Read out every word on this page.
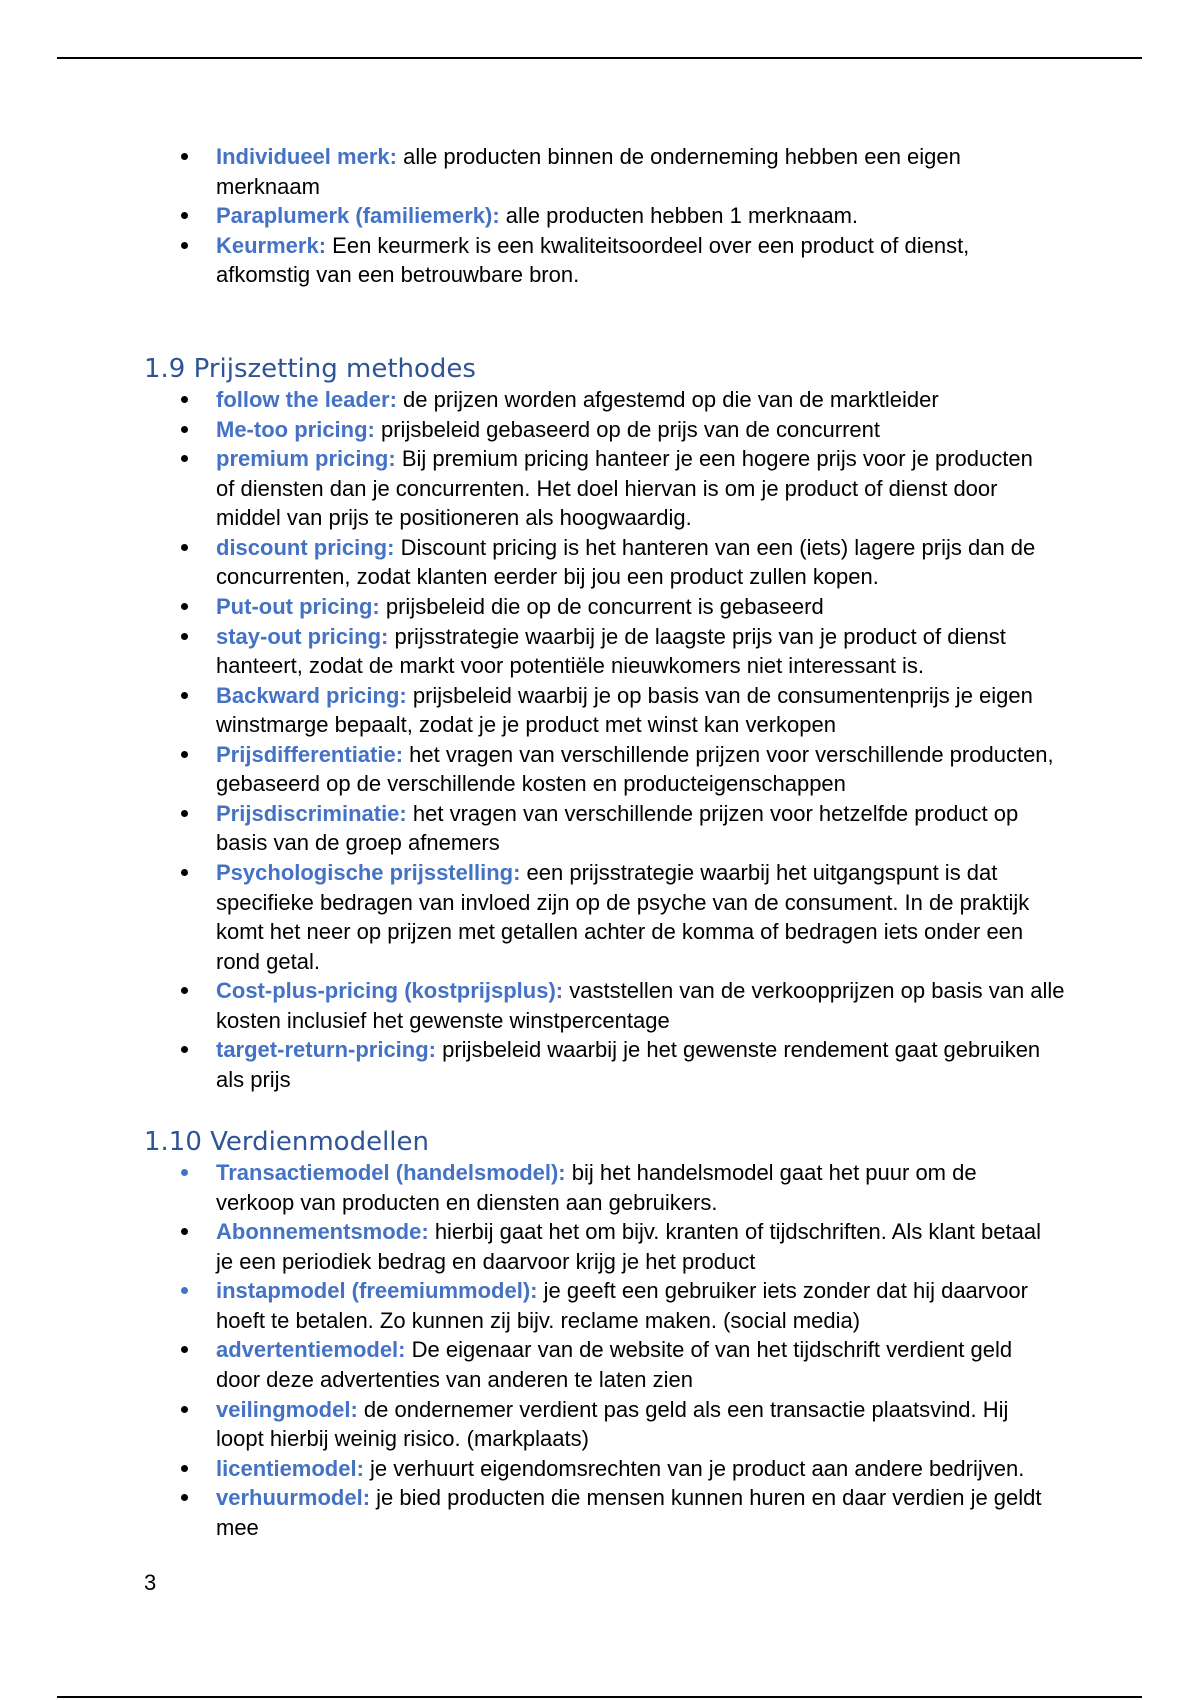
Individueel merk: alle producten binnen de onderneming hebben een eigen
merknaam
Paraplumerk (familiemerk): alle producten hebben 1 merknaam.
Keurmerk: Een keurmerk is een kwaliteitsoordeel over een product of dienst,
afkomstig van een betrouwbare bron.
1.9 Prijszetting methodes
follow the leader: de prijzen worden afgestemd op die van de marktleider
Me-too pricing: prijsbeleid gebaseerd op de prijs van de concurrent
premium pricing: Bij premium pricing hanteer je een hogere prijs voor je producten
of diensten dan je concurrenten. Het doel hiervan is om je product of dienst door
middel van prijs te positioneren als hoogwaardig.
discount pricing: Discount pricing is het hanteren van een (iets) lagere prijs dan de
concurrenten, zodat klanten eerder bij jou een product zullen kopen.
Put-out pricing: prijsbeleid die op de concurrent is gebaseerd
stay-out pricing: prijsstrategie waarbij je de laagste prijs van je product of dienst
hanteert, zodat de markt voor potentiële nieuwkomers niet interessant is.
Backward pricing: prijsbeleid waarbij je op basis van de consumentenprijs je eigen
winstmarge bepaalt, zodat je je product met winst kan verkopen
Prijsdifferentiatie: het vragen van verschillende prijzen voor verschillende producten,
gebaseerd op de verschillende kosten en producteigenschappen
Prijsdiscriminatie: het vragen van verschillende prijzen voor hetzelfde product op
basis van de groep afnemers
Psychologische prijsstelling: een prijsstrategie waarbij het uitgangspunt is dat
specifieke bedragen van invloed zijn op de psyche van de consument. In de praktijk
komt het neer op prijzen met getallen achter de komma of bedragen iets onder een
rond getal.
Cost-plus-pricing (kostprijsplus): vaststellen van de verkoopprijzen op basis van alle
kosten inclusief het gewenste winstpercentage
target-return-pricing: prijsbeleid waarbij je het gewenste rendement gaat gebruiken
als prijs
1.10 Verdienmodellen
Transactiemodel (handelsmodel): bij het handelsmodel gaat het puur om de
verkoop van producten en diensten aan gebruikers.
Abonnementsmode: hierbij gaat het om bijv. kranten of tijdschriften. Als klant betaal
je een periodiek bedrag en daarvoor krijg je het product
instapmodel (freemiummodel): je geeft een gebruiker iets zonder dat hij daarvoor
hoeft te betalen. Zo kunnen zij bijv. reclame maken. (social media)
advertentiemodel: De eigenaar van de website of van het tijdschrift verdient geld
door deze advertenties van anderen te laten zien
veilingmodel: de ondernemer verdient pas geld als een transactie plaatsvind. Hij
loopt hierbij weinig risico. (markplaats)
licentiemodel: je verhuurt eigendomsrechten van je product aan andere bedrijven.
verhuurmodel: je bied producten die mensen kunnen huren en daar verdien je geldt
mee
3
